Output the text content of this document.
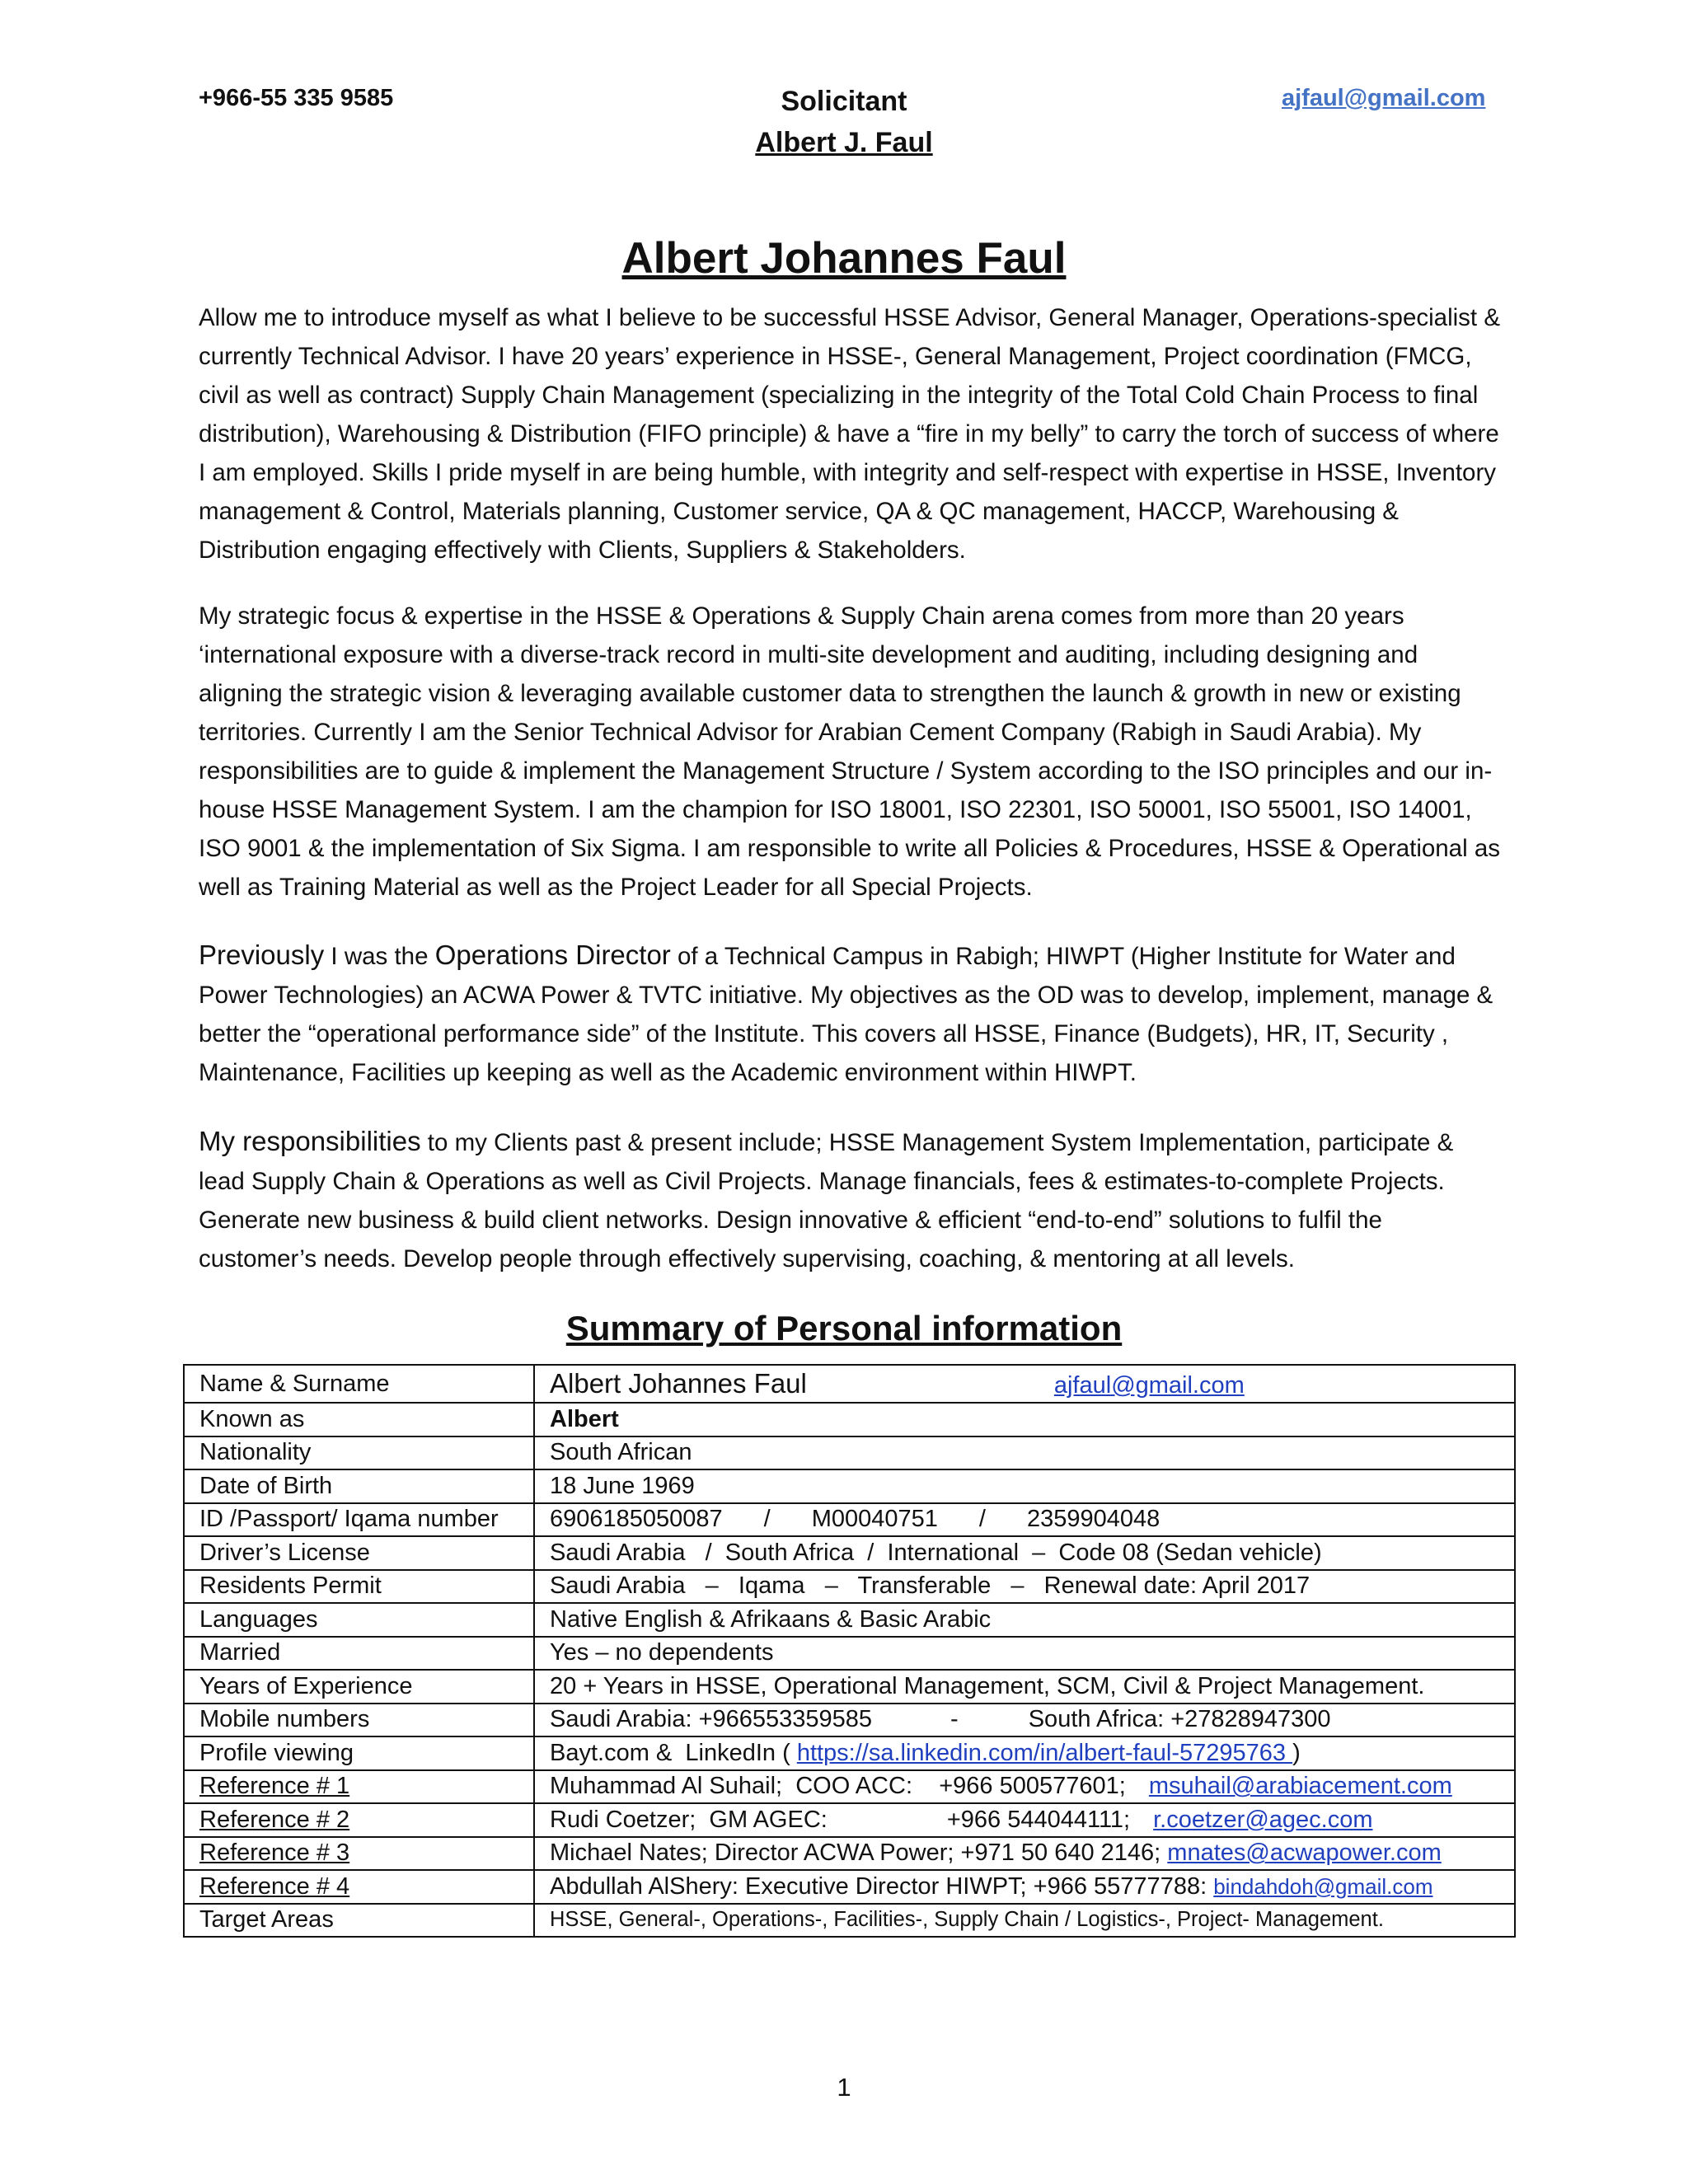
+966-55 335 9585	Solicitant
Albert J. Faul
ajfaul@gmail.com
Albert Johannes Faul

Allow me to introduce myself as what I believe to be successful HSSE Advisor, General Manager, Operations-specialist & currently Technical Advisor. I have 20 years’ experience in HSSE-, General Management, Project coordination (FMCG, civil as well as contract) Supply Chain Management (specializing in the integrity of the Total Cold Chain Process to final distribution), Warehousing & Distribution (FIFO principle) & have a “fire in my belly” to carry the torch of success of where I am employed. Skills I pride myself in are being humble, with integrity and self-respect with expertise in HSSE, Inventory management & Control, Materials planning, Customer service, QA & QC management, HACCP, Warehousing & Distribution engaging effectively with Clients, Suppliers & Stakeholders.

My strategic focus & expertise in the HSSE & Operations & Supply Chain arena comes from more than 20 years ‘international exposure with a diverse-track record in multi-site development and auditing, including designing and aligning the strategic vision & leveraging available customer data to strengthen the launch & growth in new or existing territories. Currently I am the Senior Technical Advisor for Arabian Cement Company (Rabigh in Saudi Arabia). My responsibilities are to guide & implement the Management Structure / System according to the ISO principles and our in-house HSSE Management System. I am the champion for ISO 18001, ISO 22301, ISO 50001, ISO 55001, ISO 14001, ISO 9001 & the implementation of Six Sigma. I am responsible to write all Policies & Procedures, HSSE & Operational as well as Training Material as well as the Project Leader for all Special Projects.

Previously I was the Operations Director of a Technical Campus in Rabigh; HIWPT (Higher Institute for Water and Power Technologies) an ACWA Power & TVTC initiative. My objectives as the OD was to develop, implement, manage & better the “operational performance side” of the Institute. This covers all HSSE, Finance (Budgets), HR, IT, Security , Maintenance, Facilities up keeping as well as the Academic environment within HIWPT.

My responsibilities to my Clients past & present include; HSSE Management System Implementation, participate & lead Supply Chain & Operations as well as Civil Projects. Manage financials, fees & estimates-to-complete Projects. Generate new business & build client networks. Design innovative & efficient “end-to-end” solutions to fulfil the customer’s needs. Develop people through effectively supervising, coaching, & mentoring at all levels.

Summary of Personal information
Name & Surname	Albert Johannes Faul ajfaul@gmail.com
Known as	Albert
Nationality	South African
Date of Birth	18 June 1969
ID /Passport/ Iqama number	6906185050087 / M00040751 / 2359904048
Driver’s License	Saudi Arabia   /  South Africa  /  International  –  Code 08 (Sedan vehicle)
Residents Permit	Saudi Arabia   –   Iqama   –   Transferable   –   Renewal date: April 2017
Languages	Native English & Afrikaans & Basic Arabic
Married	Yes – no dependents
Years of Experience	20 + Years in HSSE, Operational Management, SCM, Civil & Project Management.
Mobile numbers	Saudi Arabia: +966553359585 - South Africa: +27828947300
Profile viewing	Bayt.com &  LinkedIn ( https://sa.linkedin.com/in/albert-faul-57295763 )
Reference # 1	Muhammad Al Suhail;  COO ACC:    +966 500577601; msuhail@arabiacement.com
Reference # 2	Rudi Coetzer;  GM AGEC: +966 544044111; r.coetzer@agec.com
Reference # 3	Michael Nates; Director ACWA Power; +971 50 640 2146; mnates@acwapower.com
Reference # 4	Abdullah AlShery: Executive Director HIWPT; +966 55777788: bindahdoh@gmail.com
Target Areas	HSSE, General-, Operations-, Facilities-, Supply Chain / Logistics-, Project- Management.
1
